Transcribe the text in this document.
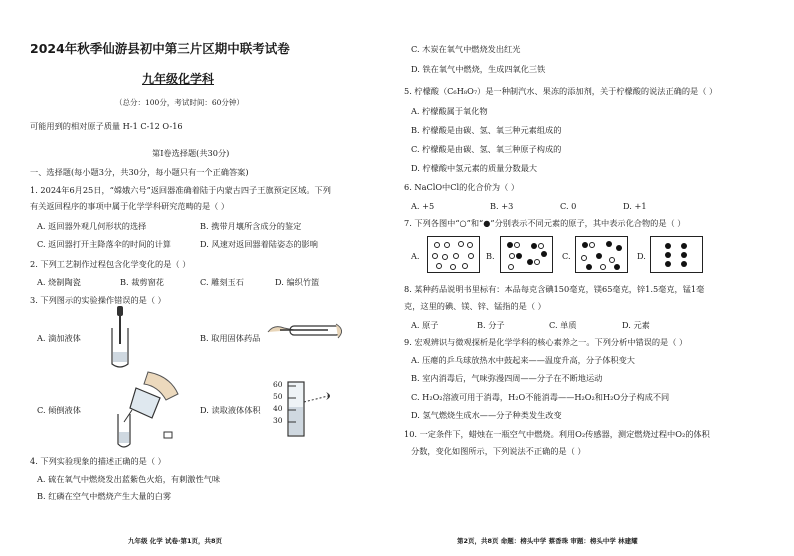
2024年秋季仙游县初中第三片区期中联考试卷
九年级化学科
（总分：100分，考试时间：60分钟）
可能用到的相对原子质量 H-1 C-12 O-16
第Ⅰ卷选择题(共30分)
一、选择题(每小题3分，共30分，每小题只有一个正确答案)
1. 2024年6月25日，“嫦娥六号”返回器准确着陆于内蒙古四子王旗预定区域。下列
有关返回程序的事项中属于化学学科研究范畴的是（ ）
A. 返回器外观几何形状的选择	B. 携带月壤所含成分的鉴定
C. 返回器打开主降落伞的时间的计算	D. 风速对返回器着陆姿态的影响
2. 下列工艺制作过程包含化学变化的是（ ）
A. 烧制陶瓷	B. 裁剪窗花	C. 雕刻玉石	D. 编织竹篮
3. 下列图示的实验操作错误的是（ ）
A. 滴加液体	B. 取用固体药品
C. 倾倒液体	D. 读取液体体积
60
50
40
30
4. 下列实验现象的描述正确的是（ ）
A. 硫在氧气中燃烧发出蓝紫色火焰，有刺激性气味
B. 红磷在空气中燃烧产生大量的白雾
九年级 化学 试卷·第1页，共8页
C. 木炭在氧气中燃烧发出红光
D. 铁在氧气中燃烧，生成四氧化三铁
5. 柠檬酸（C₆H₈O₇）是一种制汽水、果冻的添加剂，关于柠檬酸的说法正确的是（ ）
A. 柠檬酸属于氧化物
B. 柠檬酸是由碳、氢、氧三种元素组成的
C. 柠檬酸是由碳、氢、氧三种原子构成的
D. 柠檬酸中氢元素的质量分数最大
6. NaClO中Cl的化合价为（ ）
A. +5	B. +3	C. 0	D. +1
7. 下列各图中“○”和“●”分别表示不同元素的原子，其中表示化合物的是（ ）
A.	B.	C.	D.
8. 某种药品说明书里标有：本品每克含碘150毫克，镁65毫克，锌1.5毫克，锰1毫
克，这里的碘、镁、锌、锰指的是（ ）
A. 原子	B. 分子	C. 单质	D. 元素
9. 宏观辨识与微观探析是化学学科的核心素养之一。下列分析中错误的是（ ）
A. 压瘪的乒乓球放热水中鼓起来——温度升高，分子体积变大
B. 室内消毒后，气味弥漫四周——分子在不断地运动
C. H₂O₂溶液可用于消毒，H₂O不能消毒——H₂O₂和H₂O分子构成不同
D. 氢气燃烧生成水——分子种类发生改变
10. 一定条件下，蜡烛在一瓶空气中燃烧。利用O₂传感器，测定燃烧过程中O₂的体积
分数，变化如图所示，下列说法不正确的是（ ）
第2页，共8页 命题：榜头中学 蔡香珠 审题：榜头中学 林建耀
